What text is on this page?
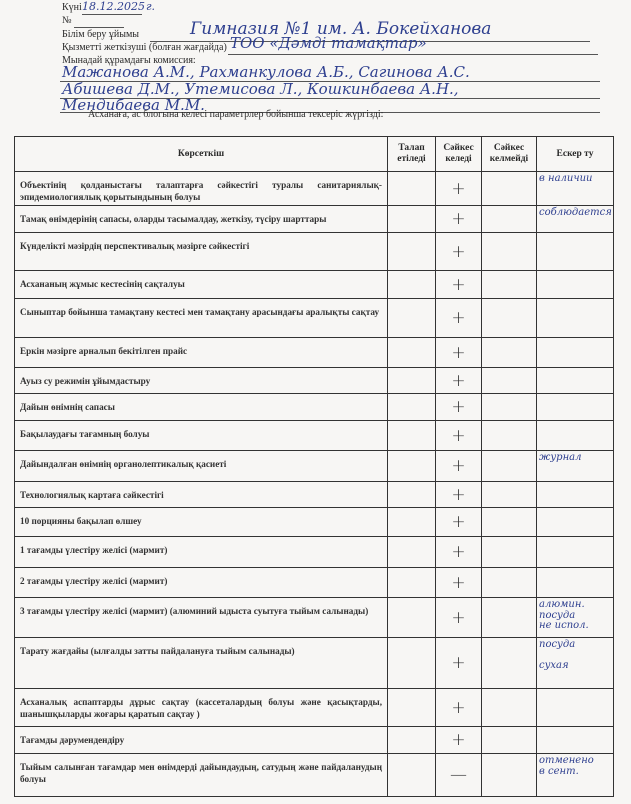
Күні 18.12.2025 г.
№
Білім беру ұйымы	Гимназия №1 им. А. Бокейханова
Қызметті жеткізуші (болған жағдайда) ТОО «Дәмді тамақтар»
Мынадай құрамдағы комиссия:
Мажанова А.М., Рахманкулова А.Б., Сагинова А.С.
Абишева Д.М., Утемисова Л., Кошкинбаева А.Н.,
Мендибаева М.М.
Асханаға, ас блогына келесі параметрлер бойынша тексеріс жүргізді:
Көрсеткіш	Талап етіледі	Сәйкес келеді	Сәйкес келмейді	Ескер ту
Объектінің қолданыстағы талаптарға сәйкестігі туралы санитариялық-эпидемиологиялық қорытындының болуы		+		в наличии

Тамақ өнімдерінің сапасы, оларды тасымалдау, жеткізу, түсіру шарттары		+		соблюдается

Күнделікті мәзірдің перспективалық мәзірге сәйкестігі		+		

Асхананың жұмыс кестесінің сақталуы		+		

Сыныптар бойынша тамақтану кестесі мен тамақтану арасындағы аралықты сақтау		+		

Еркін мәзірге арналып бекітілген прайс		+		

Ауыз су режимін ұйымдастыру		+		

Дайын өнімнің сапасы		+		

Бақылаудағы тағамның болуы		+		

Дайындалған өнімнің органолептикалық қасиеті		+		журнал

Технологиялық картаға сәйкестігі		+		

10 порцияны бақылап өлшеу		+		

1 тағамды үлестіру желісі (мармит)		+		

2 тағамды үлестіру желісі (мармит)		+		

3 тағамды үлестіру желісі (мармит) (алюминий ыдыста суытуға тыйым салынады)		+		алюмин.
посуда
не испол.

Тарату жағдайы (ылғалды затты пайдалануға тыйым салынады)		+		посуда

сухая

Асханалық аспаптарды дұрыс сақтау (кассеталардың болуы және қасықтарды, шанышқыларды жоғары қаратып сақтау )		+		

Тағамды дәрумендендіру		+		

Тыйым салынған тағамдар мен өнімдерді дайындаудың, сатудың және пайдаланудың болуы		—		отменено
в сент.
